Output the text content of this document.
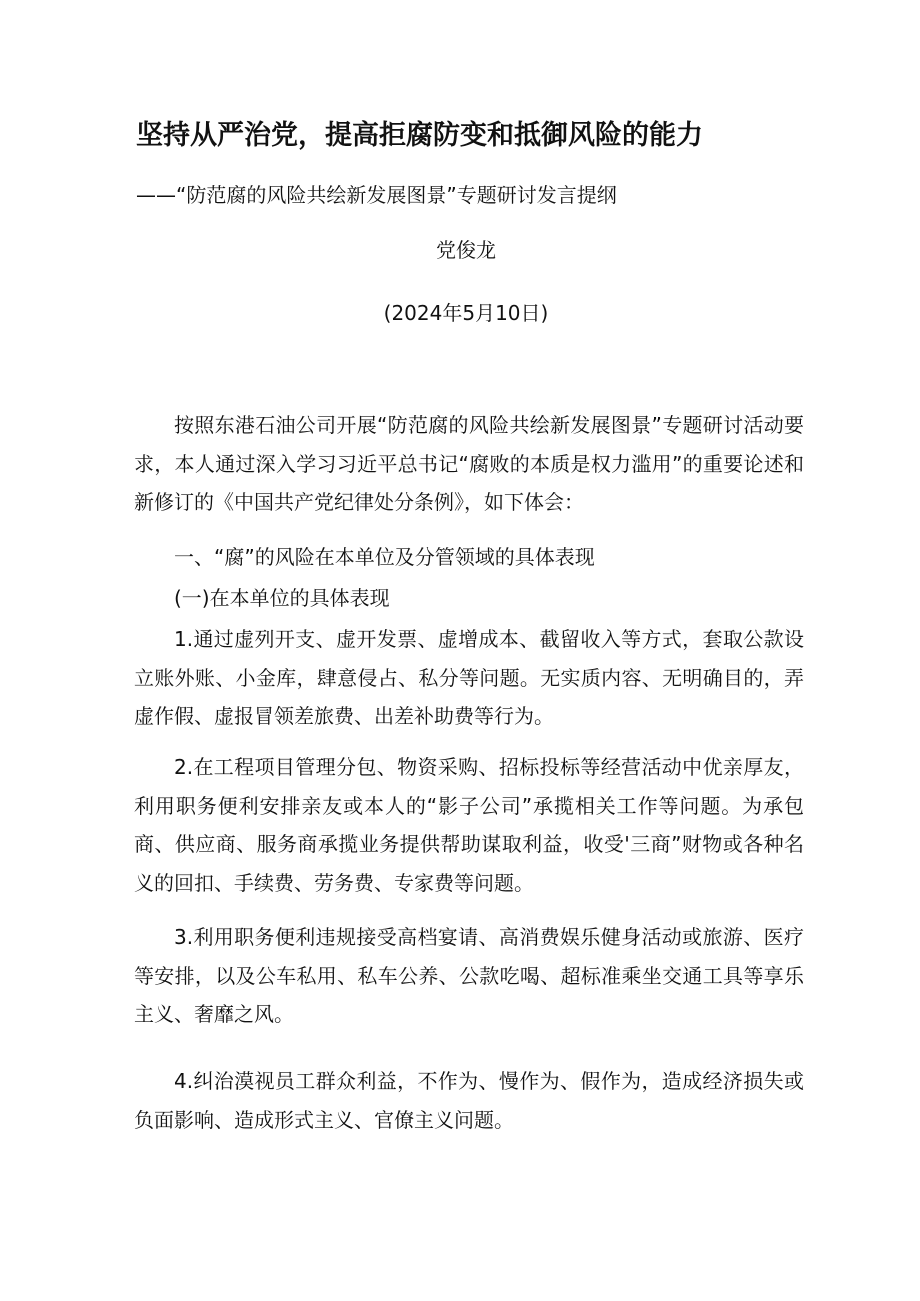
坚持从严治党，提高拒腐防变和抵御风险的能力

——“防范腐的风险共绘新发展图景”专题研讨发言提纲

党俊龙

(2024年5月10日)

按照东港石油公司开展“防范腐的风险共绘新发展图景”专题研讨活动要求，本人通过深入学习习近平总书记“腐败的本质是权力滥用”的重要论述和新修订的《中国共产党纪律处分条例》，如下体会：

一、“腐”的风险在本单位及分管领域的具体表现

(一)在本单位的具体表现

1.通过虚列开支、虚开发票、虚增成本、截留收入等方式，套取公款设立账外账、小金库，肆意侵占、私分等问题。无实质内容、无明确目的，弄虚作假、虚报冒领差旅费、出差补助费等行为。

2.在工程项目管理分包、物资采购、招标投标等经营活动中优亲厚友，利用职务便利安排亲友或本人的“影子公司”承揽相关工作等问题。为承包商、供应商、服务商承揽业务提供帮助谋取利益，收受'三商”财物或各种名义的回扣、手续费、劳务费、专家费等问题。

3.利用职务便利违规接受高档宴请、高消费娱乐健身活动或旅游、医疗等安排，以及公车私用、私车公养、公款吃喝、超标准乘坐交通工具等享乐主义、奢靡之风。

4.纠治漠视员工群众利益，不作为、慢作为、假作为，造成经济损失或负面影响、造成形式主义、官僚主义问题。
